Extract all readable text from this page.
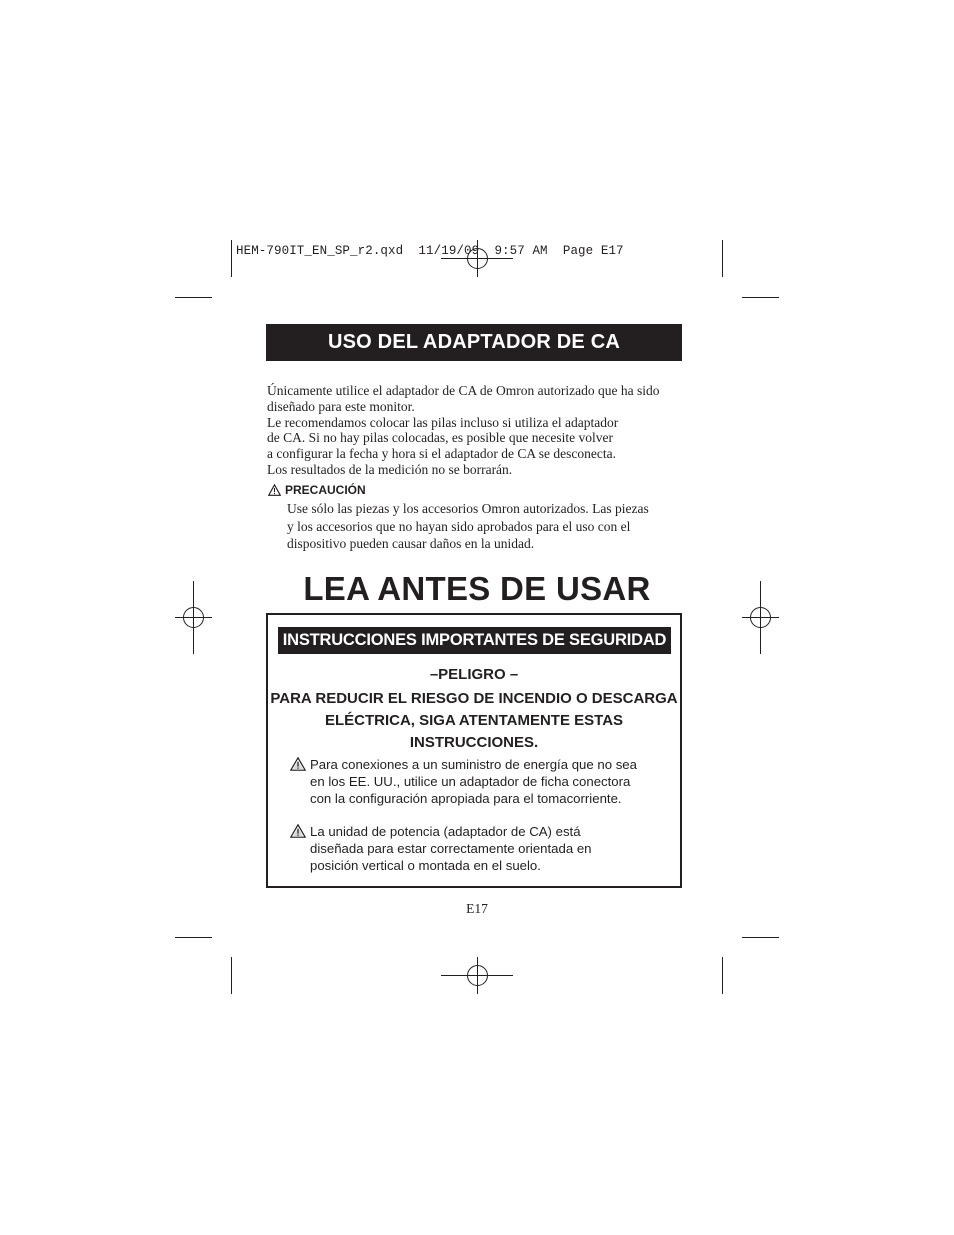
HEM-790IT_EN_SP_r2.qxd  11/19/09  9:57 AM  Page E17
USO DEL ADAPTADOR DE CA
Únicamente utilice el adaptador de CA de Omron autorizado que ha sido
diseñado para este monitor.
Le recomendamos colocar las pilas incluso si utiliza el adaptador
de CA. Si no hay pilas colocadas, es posible que necesite volver
a configurar la fecha y hora si el adaptador de CA se desconecta.
Los resultados de la medición no se borrarán.
PRECAUCIÓN
Use sólo las piezas y los accesorios Omron autorizados. Las piezas
y los accesorios que no hayan sido aprobados para el uso con el
dispositivo pueden causar daños en la unidad.
LEA ANTES DE USAR
INSTRUCCIONES IMPORTANTES DE SEGURIDAD
–PELIGRO –
PARA REDUCIR EL RIESGO DE INCENDIO O DESCARGA
ELÉCTRICA, SIGA ATENTAMENTE ESTAS INSTRUCCIONES.
Para conexiones a un suministro de energía que no sea
en los EE. UU., utilice un adaptador de ficha conectora
con la configuración apropiada para el tomacorriente.
La unidad de potencia (adaptador de CA) está
diseñada para estar correctamente orientada en
posición vertical o montada en el suelo.
E17
